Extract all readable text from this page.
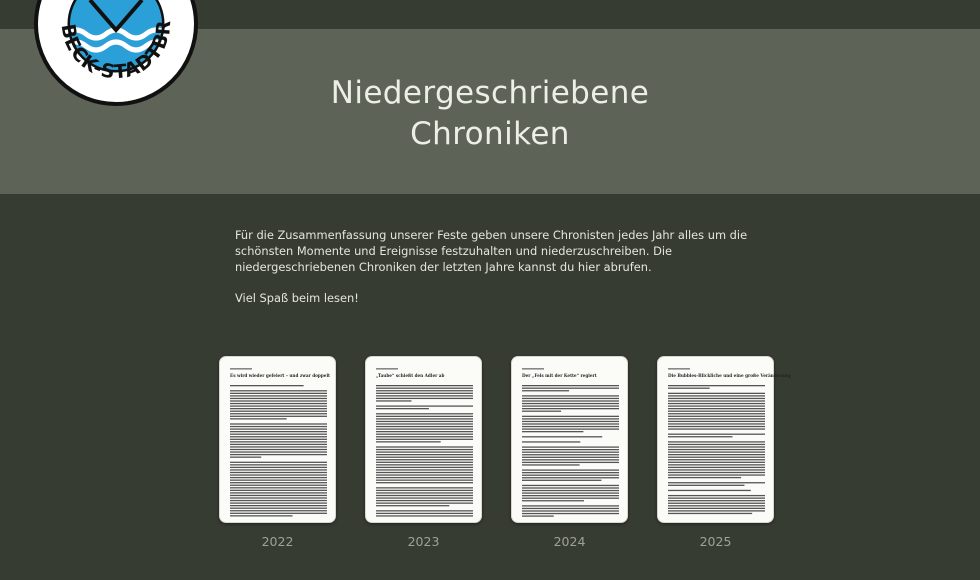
Niedergeschriebene
Chroniken
BECK-STADTBR

Für die Zusammenfassung unserer Feste geben unsere Chronisten jedes Jahr alles um die schönsten Momente und Ereignisse festzuhalten und niederzuschreiben. Die niedergeschriebenen Chroniken der letzten Jahre kannst du hier abrufen.

Viel Spaß beim lesen!

Es wird wieder gefeiert – und zwar doppelt
2022
„Taube“ schießt den Adler ab
2023
Der „Fels mit der Kette“ regiert
2024
Die Bubbles-Blickliche und eine große Veränderung
2025
